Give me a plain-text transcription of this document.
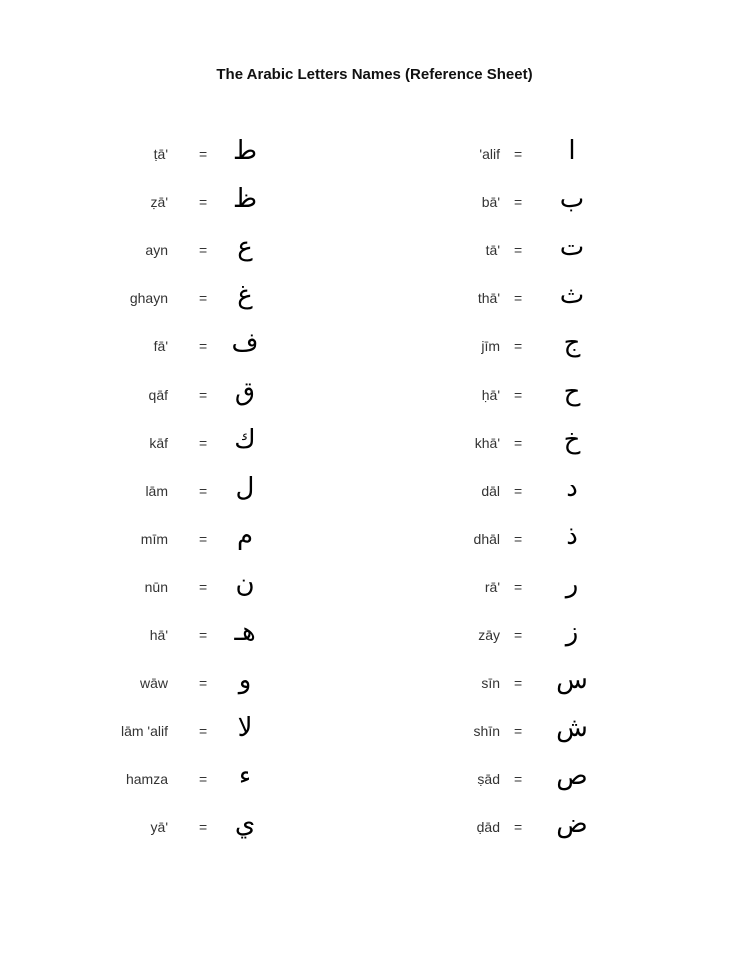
The Arabic Letters Names (Reference Sheet)
ṭā' = ط
ẓā' = ظ
ayn =	ع
ghayn =	غ
fā' = ف
qāf =	ق
kāf =	ك
lām =	ل
mīm =	م
nūn =	ن
hā' =	هـ
wāw =	و
lām 'alif =	لا
hamza =	ء
yā' =	ي
'alif =	ا
bā' =	ب
tā' =	ت
thā' =	ث
jīm =	ج
ḥā' =	ح
khā' =	خ
dāl =	د
dhāl =	ذ
rā' =	ر
zāy =	ز
sīn =	س
shīn =	ش
ṣād =	ص
ḍād =	ض
